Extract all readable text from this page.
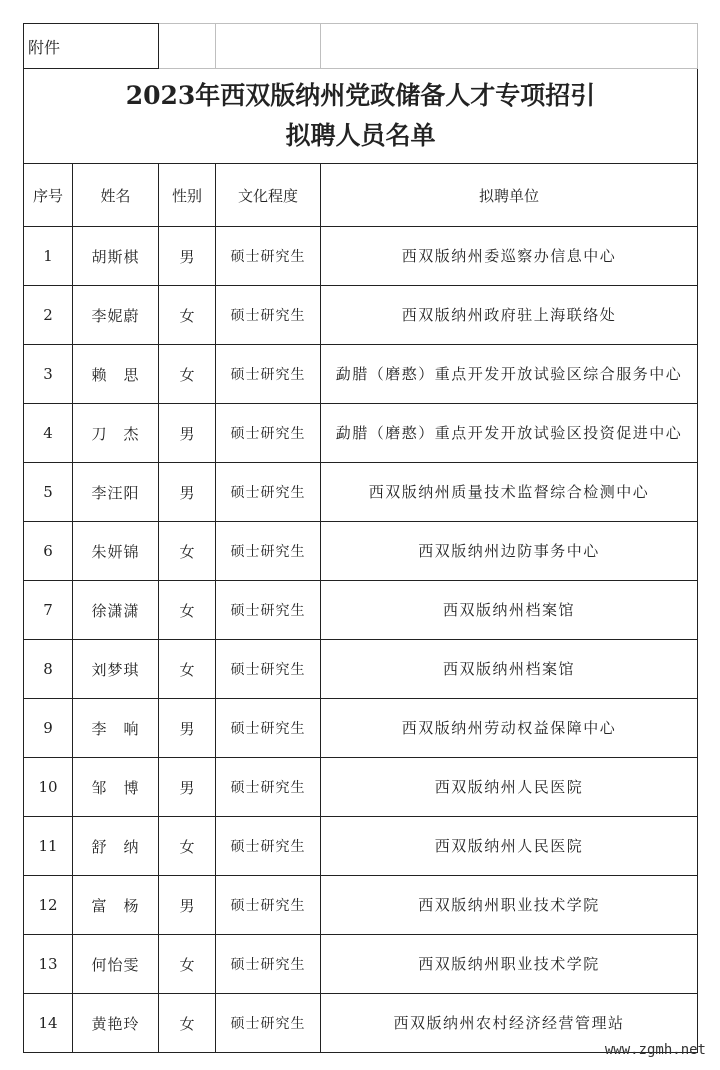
附件				

2023年西双版纳州党政储备人才专项招引
拟聘人员名单				

序号	姓名	性别	文化程度	拟聘单位
1	胡斯棋	男	硕士研究生	西双版纳州委巡察办信息中心
2	李妮蔚	女	硕士研究生	西双版纳州政府驻上海联络处
3	赖　思	女	硕士研究生	勐腊（磨憨）重点开发开放试验区综合服务中心
4	刀　杰	男	硕士研究生	勐腊（磨憨）重点开发开放试验区投资促进中心
5	李汪阳	男	硕士研究生	西双版纳州质量技术监督综合检测中心
6	朱妍锦	女	硕士研究生	西双版纳州边防事务中心
7	徐潇潇	女	硕士研究生	西双版纳州档案馆
8	刘梦琪	女	硕士研究生	西双版纳州档案馆
9	李　响	男	硕士研究生	西双版纳州劳动权益保障中心
10	邹　博	男	硕士研究生	西双版纳州人民医院
11	舒　纳	女	硕士研究生	西双版纳州人民医院
12	富　杨	男	硕士研究生	西双版纳州职业技术学院
13	何怡雯	女	硕士研究生	西双版纳州职业技术学院
14	黄艳玲	女	硕士研究生	西双版纳州农村经济经营管理站
www.zgmh.net
